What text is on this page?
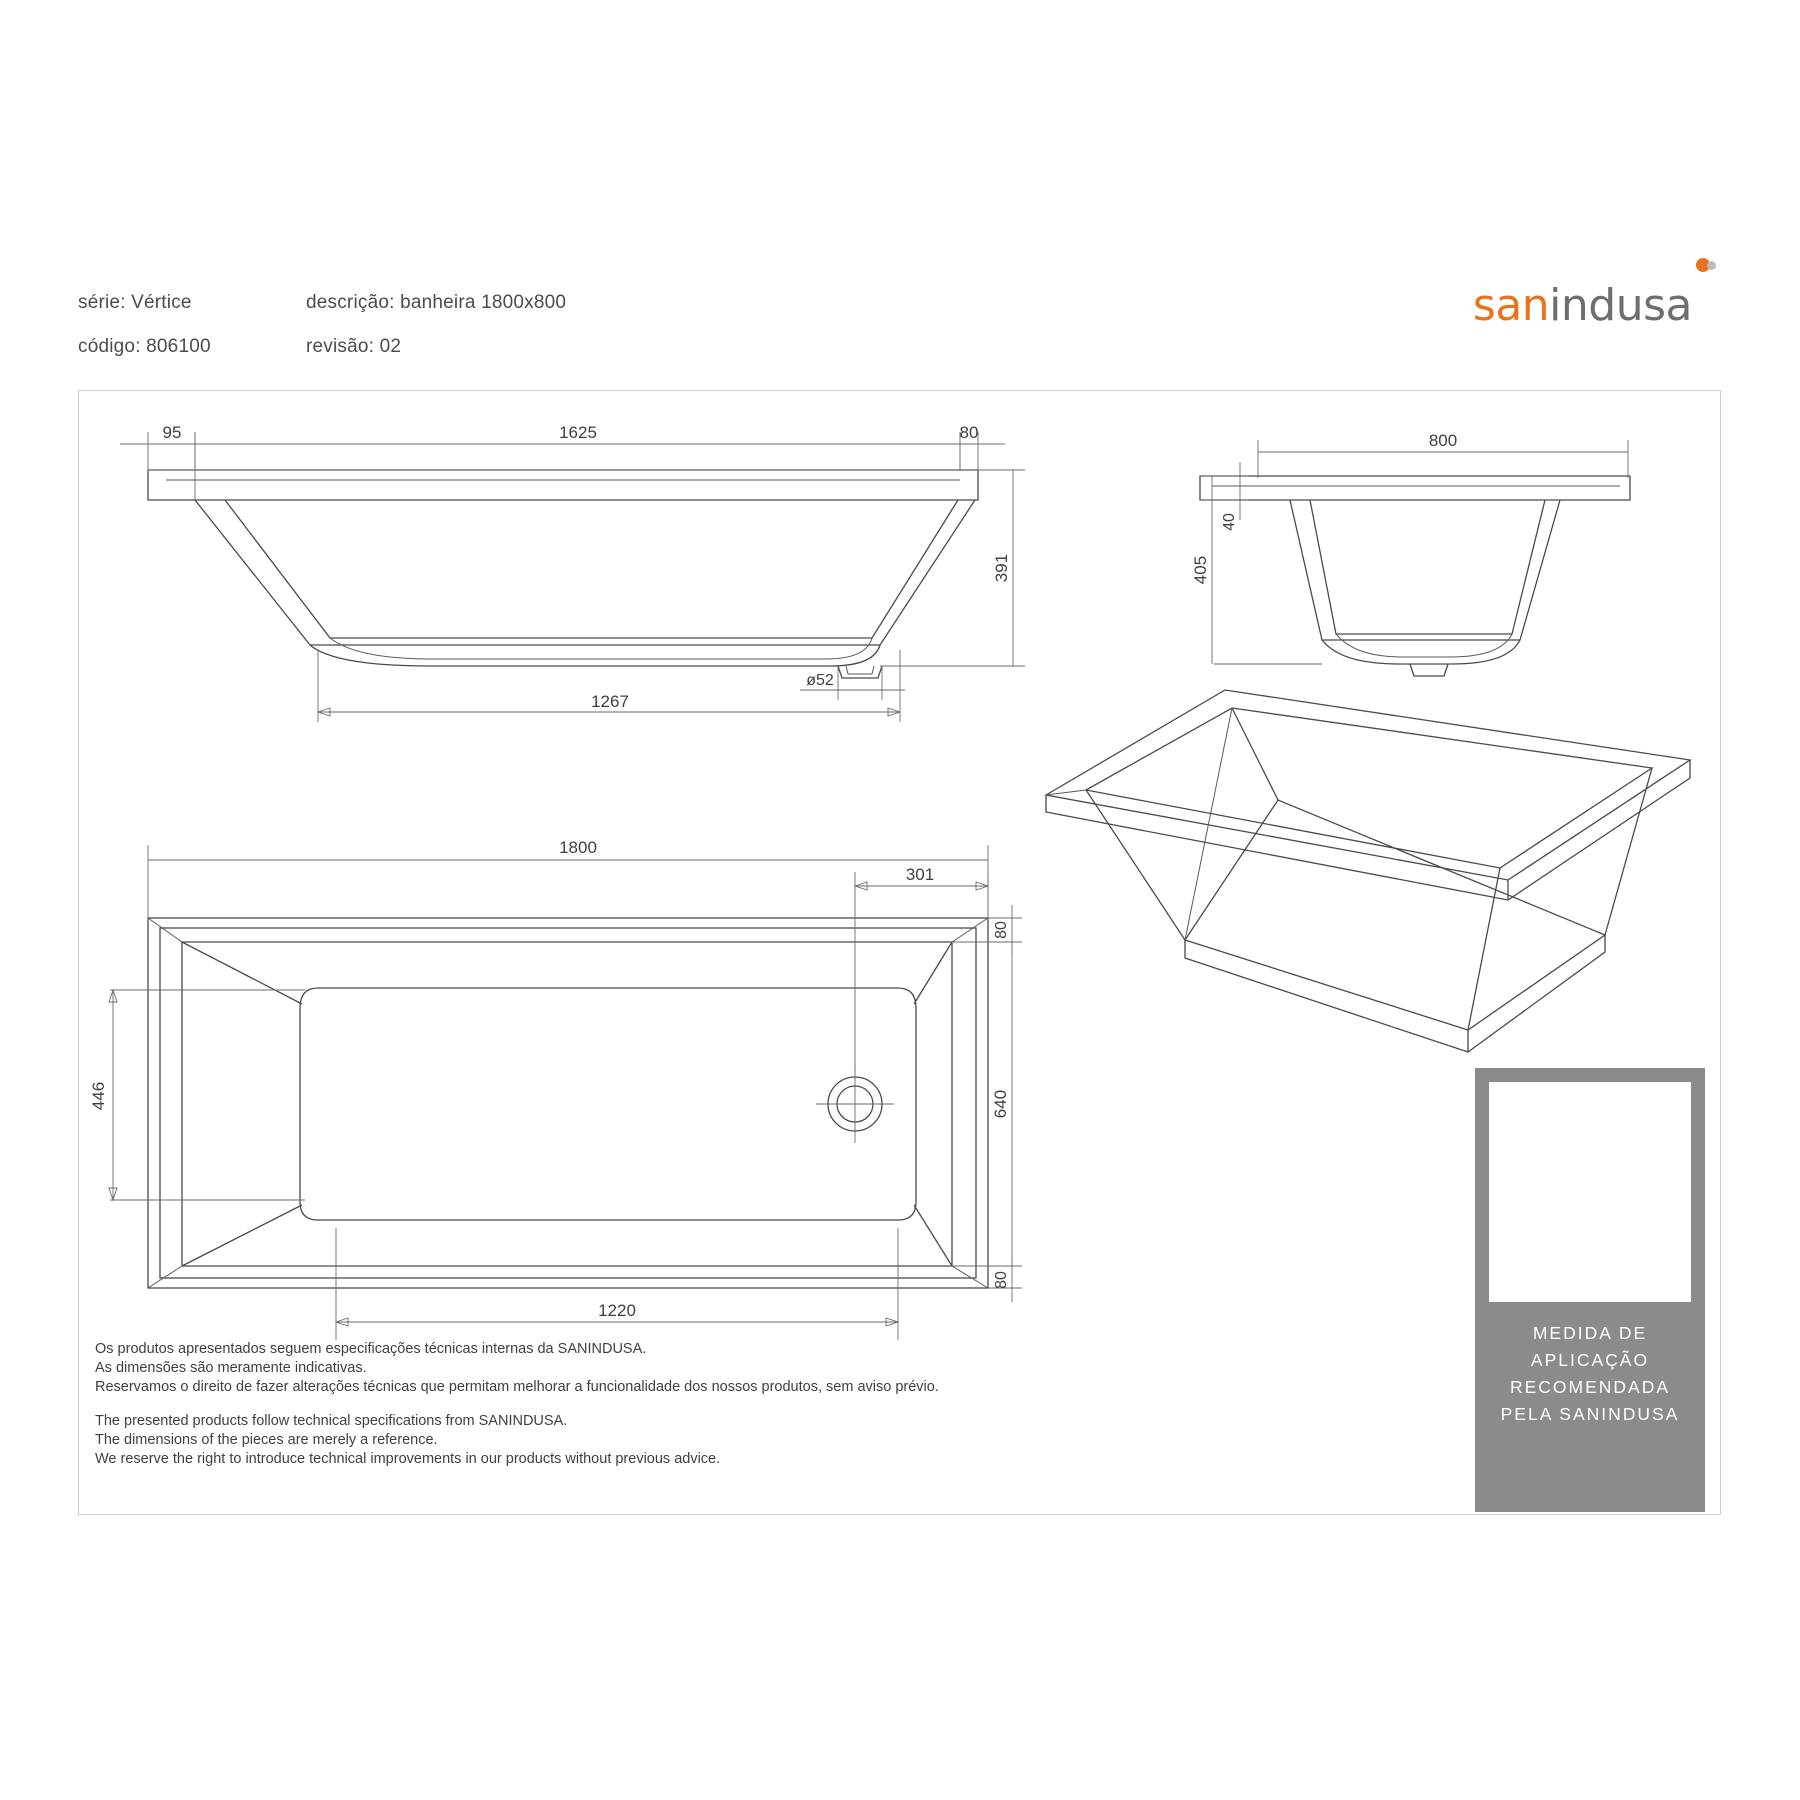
série: Vértice	descrição: banheira 1800x800
código: 806100	revisão: 02
sanindusa
95	1625	80
391
1267
ø52
800
40
405
1800
301
80
640
80
446
1220
MEDIDA DE
APLICAÇÃO
RECOMENDADA
PELA SANINDUSA

Os produtos apresentados seguem especificações técnicas internas da SANINDUSA.

As dimensões são meramente indicativas.

Reservamos o direito de fazer alterações técnicas que permitam melhorar a funcionalidade dos nossos produtos, sem aviso prévio.

The presented products follow technical specifications from SANINDUSA.

The dimensions of the pieces are merely a reference.

We reserve the right to introduce technical improvements in our products without previous advice.
